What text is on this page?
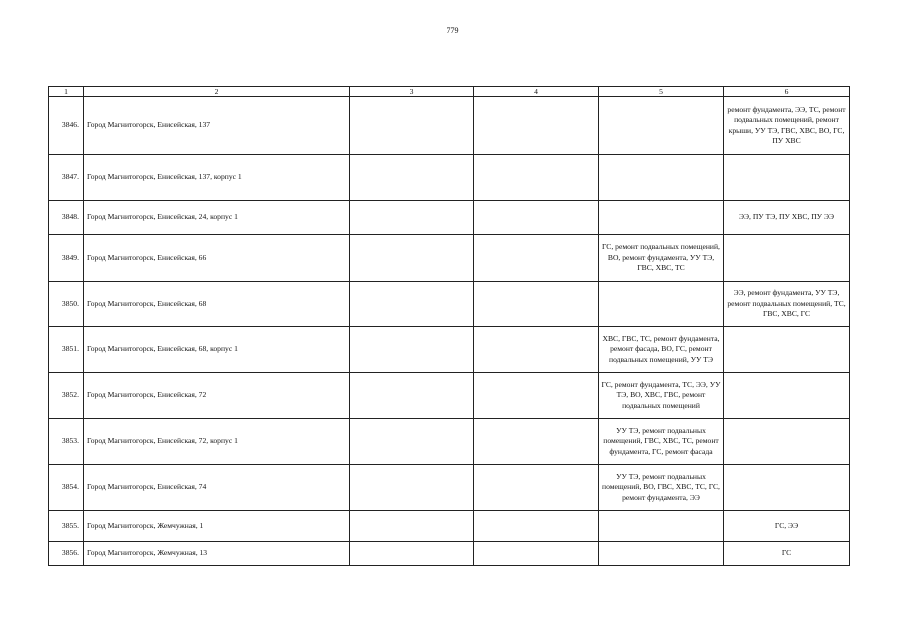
779
1	2	3	4	5	6
3846.	Город Магнитогорск, Енисейская, 137				ремонт фундамента, ЭЭ, ТС, ремонт подвальных помещений, ремонт крыши, УУ ТЭ, ГВС, ХВС, ВО, ГС, ПУ ХВС
3847.	Город Магнитогорск, Енисейская, 137, корпус 1				
3848.	Город Магнитогорск, Енисейская, 24, корпус 1				ЭЭ, ПУ ТЭ, ПУ ХВС, ПУ ЭЭ
3849.	Город Магнитогорск, Енисейская, 66			ГС, ремонт подвальных помещений, ВО, ремонт фундамента, УУ ТЭ, ГВС, ХВС, ТС	
3850.	Город Магнитогорск, Енисейская, 68				ЭЭ, ремонт фундамента, УУ ТЭ, ремонт подвальных помещений, ТС, ГВС, ХВС, ГС
3851.	Город Магнитогорск, Енисейская, 68, корпус 1			ХВС, ГВС, ТС, ремонт фундамента, ремонт фасада, ВО, ГС, ремонт подвальных помещений, УУ ТЭ	
3852.	Город Магнитогорск, Енисейская, 72			ГС, ремонт фундамента, ТС, ЭЭ, УУ ТЭ, ВО, ХВС, ГВС, ремонт подвальных помещений	
3853.	Город Магнитогорск, Енисейская, 72, корпус 1			УУ ТЭ, ремонт подвальных помещений, ГВС, ХВС, ТС, ремонт фундамента, ГС, ремонт фасада	
3854.	Город Магнитогорск, Енисейская, 74			УУ ТЭ, ремонт подвальных помещений, ВО, ГВС, ХВС, ТС, ГС, ремонт фундамента, ЭЭ	
3855.	Город Магнитогорск, Жемчужная, 1				ГС, ЭЭ
3856.	Город Магнитогорск, Жемчужная, 13				ГС
